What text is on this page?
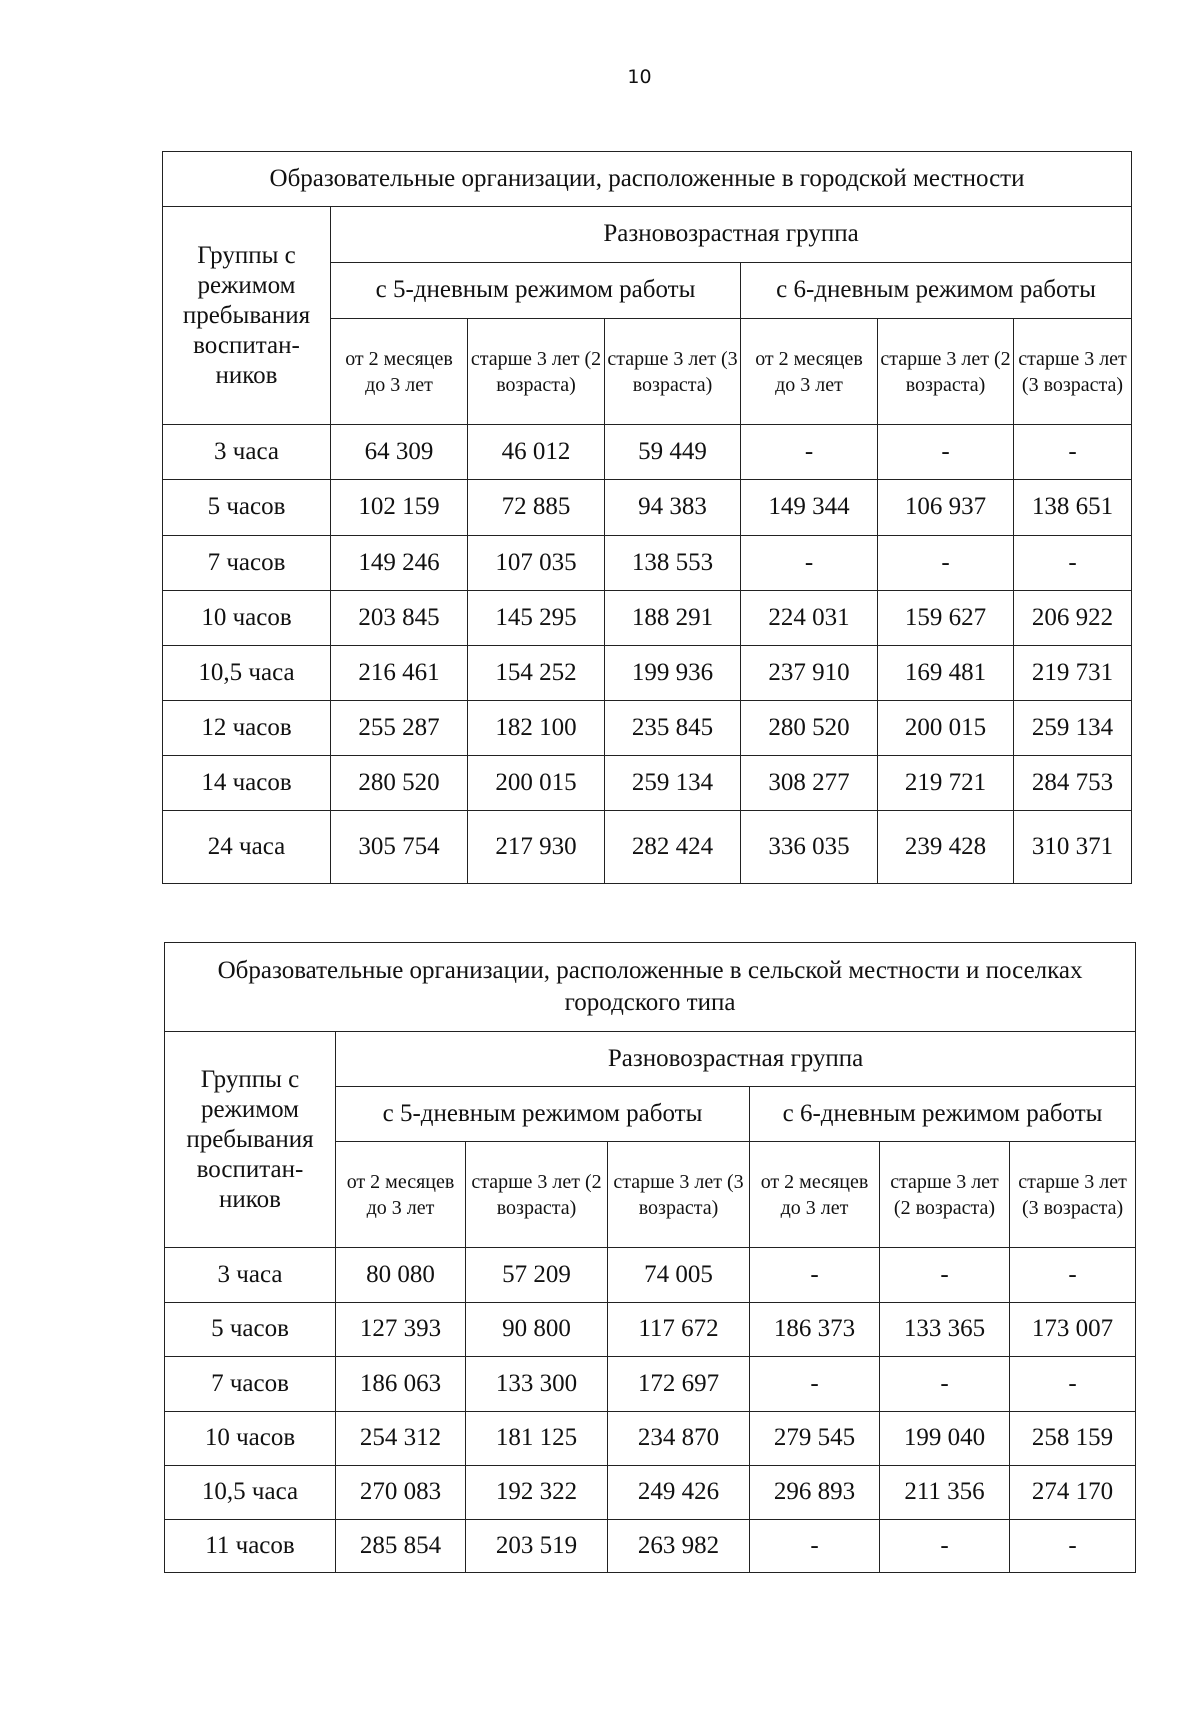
10
Образовательные организации, расположенные в городской местности						
Группы с режимом пребывания воспитан-ников	Разновозрастная группа					
	с 5-дневным режимом работы			с 6-дневным режимом работы		
	от 2 месяцев до 3 лет	старше 3 лет (2 возраста)	старше 3 лет (3 возраста)	от 2 месяцев до 3 лет	старше 3 лет (2 возраста)	старше 3 лет (3 возраста)
3 часа	64 309	46 012	59 449	-	-	-
5 часов	102 159	72 885	94 383	149 344	106 937	138 651
7 часов	149 246	107 035	138 553	-	-	-
10 часов	203 845	145 295	188 291	224 031	159 627	206 922
10,5 часа	216 461	154 252	199 936	237 910	169 481	219 731
12 часов	255 287	182 100	235 845	280 520	200 015	259 134
14 часов	280 520	200 015	259 134	308 277	219 721	284 753
24 часа	305 754	217 930	282 424	336 035	239 428	310 371
Образовательные организации, расположенные в сельской местности и поселках городского типа						
Группы с режимом пребывания воспитан-ников	Разновозрастная группа					
	с 5-дневным режимом работы			с 6-дневным режимом работы		
	от 2 месяцев до 3 лет	старше 3 лет (2 возраста)	старше 3 лет (3 возраста)	от 2 месяцев до 3 лет	старше 3 лет (2 возраста)	старше 3 лет (3 возраста)
3 часа	80 080	57 209	74 005	-	-	-
5 часов	127 393	90 800	117 672	186 373	133 365	173 007
7 часов	186 063	133 300	172 697	-	-	-
10 часов	254 312	181 125	234 870	279 545	199 040	258 159
10,5 часа	270 083	192 322	249 426	296 893	211 356	274 170
11 часов	285 854	203 519	263 982	-	-	-
